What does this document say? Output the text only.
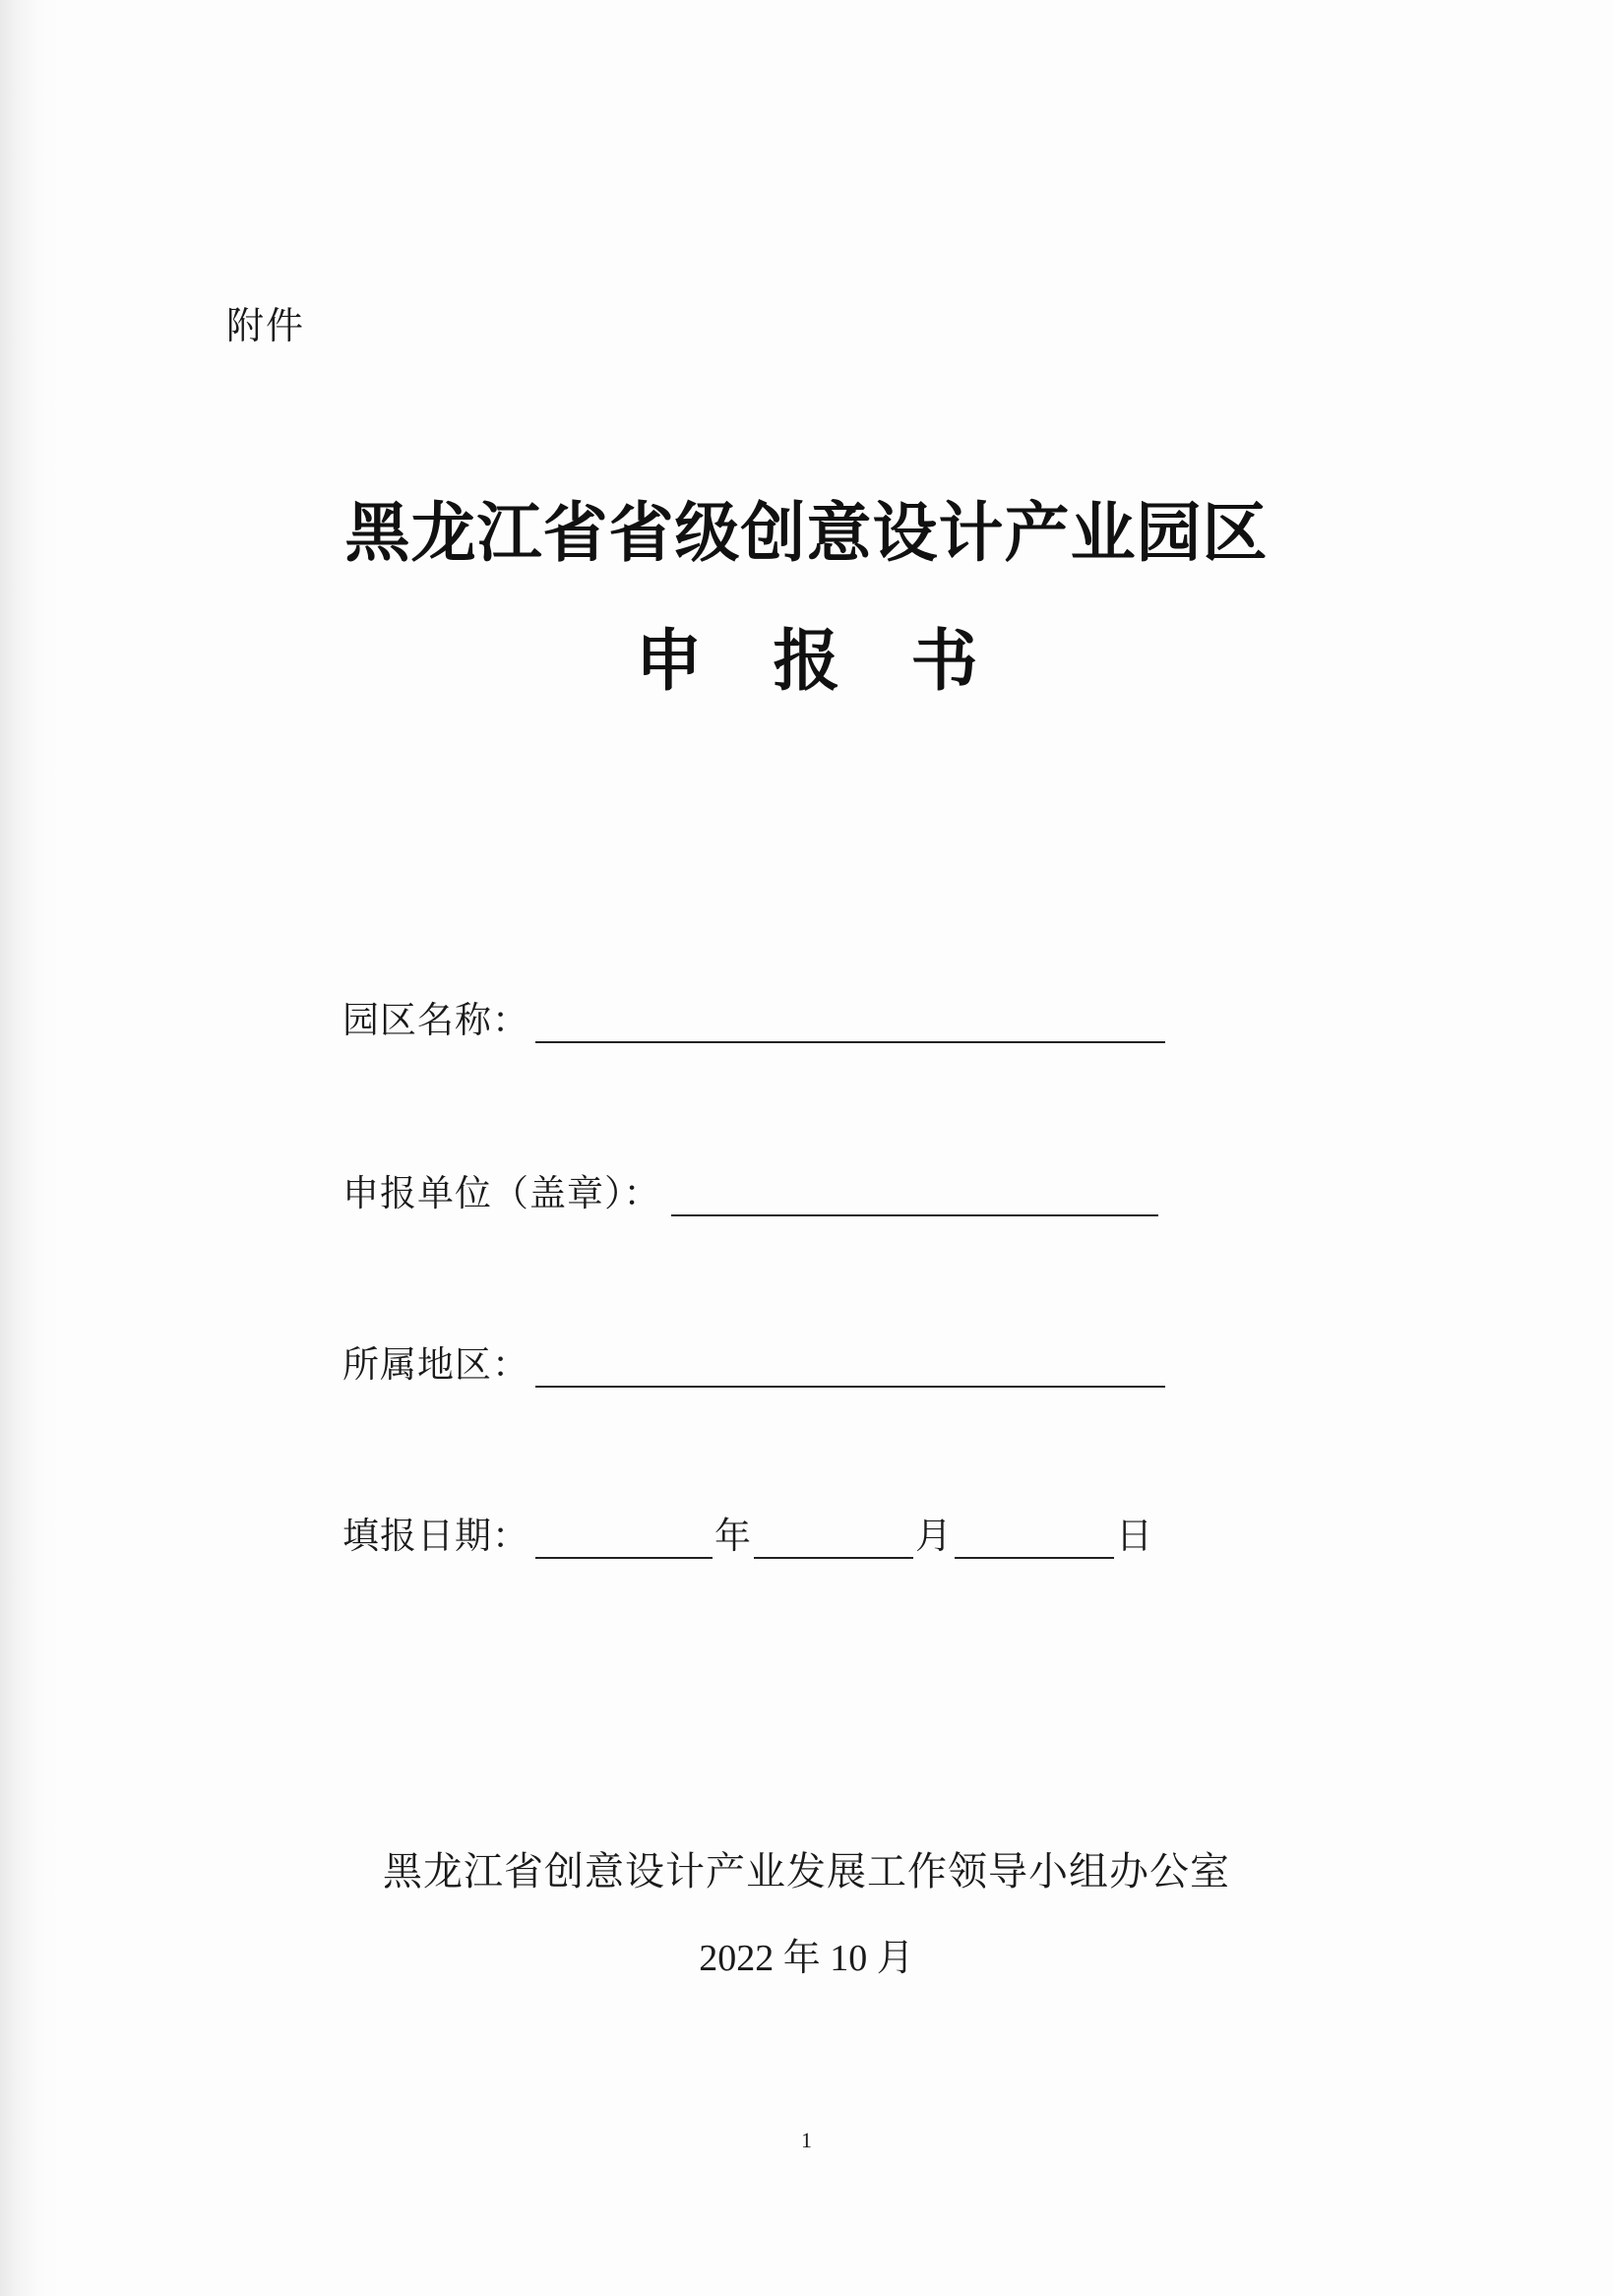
附件
黑龙江省省级创意设计产业园区
申报书
园区名称：
申报单位（盖章）：
所属地区：
填报日期：	年	月	日
黑龙江省创意设计产业发展工作领导小组办公室
2022 年 10 月
1
